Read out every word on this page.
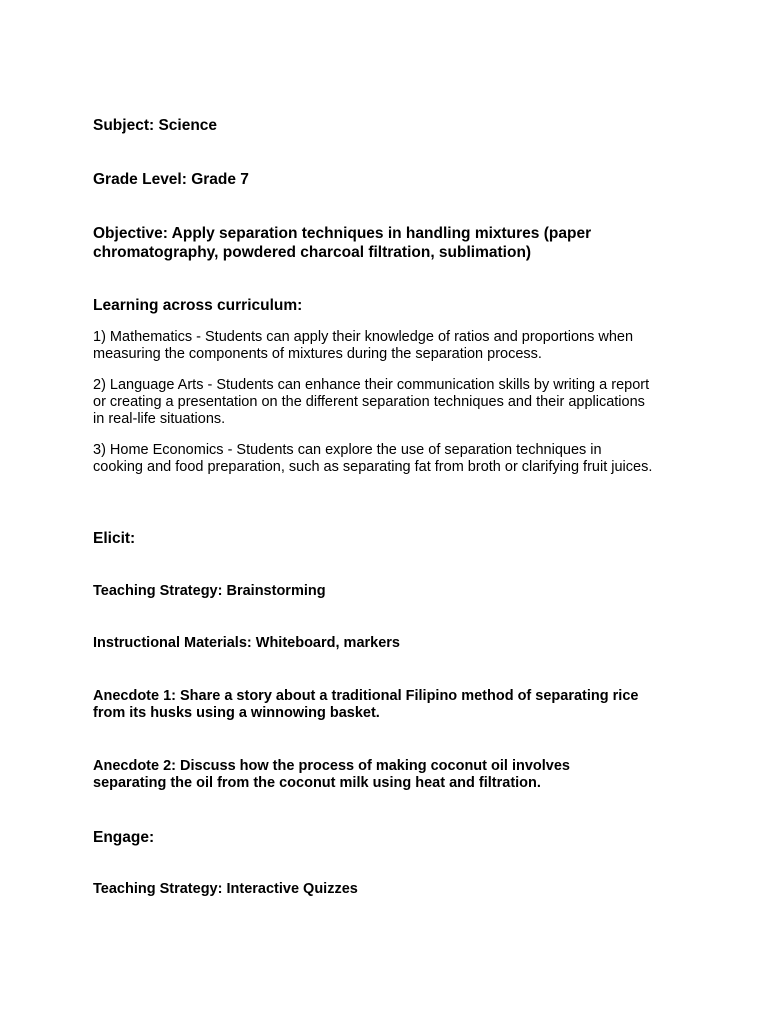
Subject: Science

Grade Level: Grade 7

Objective: Apply separation techniques in handling mixtures (paper chromatography, powdered charcoal filtration, sublimation)

Learning across curriculum:

1) Mathematics - Students can apply their knowledge of ratios and proportions when measuring the components of mixtures during the separation process.

2) Language Arts - Students can enhance their communication skills by writing a report or creating a presentation on the different separation techniques and their applications in real-life situations.

3) Home Economics - Students can explore the use of separation techniques in cooking and food preparation, such as separating fat from broth or clarifying fruit juices.

Elicit:

Teaching Strategy: Brainstorming

Instructional Materials: Whiteboard, markers

Anecdote 1: Share a story about a traditional Filipino method of separating rice from its husks using a winnowing basket.

Anecdote 2: Discuss how the process of making coconut oil involves separating the oil from the coconut milk using heat and filtration.

Engage:

Teaching Strategy: Interactive Quizzes
